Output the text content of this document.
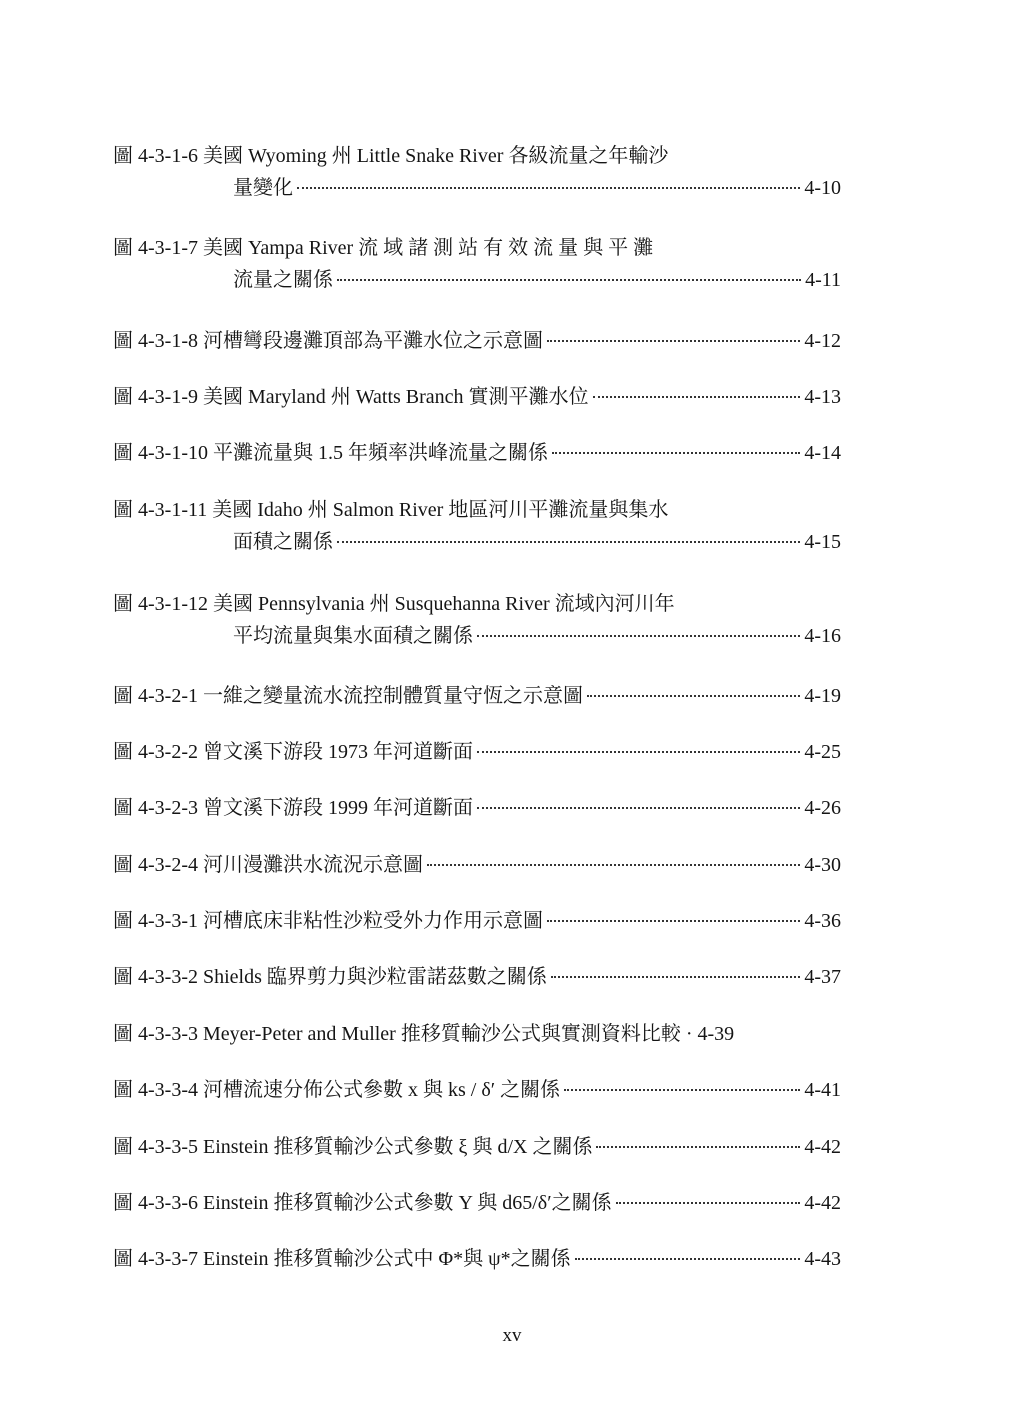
圖 4-3-1-6 美國 Wyoming 州 Little Snake River 各級流量之年輸沙
量變化	4-10
圖 4-3-1-7 美國 Yampa River 流 域 諸 測 站 有 效 流 量 與 平 灘
流量之關係	4-11
圖 4-3-1-8 河槽彎段邊灘頂部為平灘水位之示意圖	4-12
圖 4-3-1-9 美國 Maryland 州 Watts Branch 實測平灘水位	4-13
圖 4-3-1-10 平灘流量與 1.5 年頻率洪峰流量之關係	4-14
圖 4-3-1-11 美國 Idaho 州 Salmon River 地區河川平灘流量與集水
面積之關係	4-15
圖 4-3-1-12 美國 Pennsylvania 州 Susquehanna River 流域內河川年
平均流量與集水面積之關係	4-16
圖 4-3-2-1 一維之變量流水流控制體質量守恆之示意圖	4-19
圖 4-3-2-2 曾文溪下游段 1973 年河道斷面	4-25
圖 4-3-2-3 曾文溪下游段 1999 年河道斷面	4-26
圖 4-3-2-4 河川漫灘洪水流況示意圖	4-30
圖 4-3-3-1 河槽底床非粘性沙粒受外力作用示意圖	4-36
圖 4-3-3-2 Shields 臨界剪力與沙粒雷諾茲數之關係	4-37
圖 4-3-3-3 Meyer-Peter and Muller 推移質輸沙公式與實測資料比較 · 4-39
圖 4-3-3-4 河槽流速分佈公式參數 x 與 ks / δ′ 之關係	4-41
圖 4-3-3-5 Einstein 推移質輸沙公式參數 ξ 與 d/X 之關係	4-42
圖 4-3-3-6 Einstein 推移質輸沙公式參數 Y 與 d65/δ′之關係	4-42
圖 4-3-3-7 Einstein 推移質輸沙公式中 Φ*與 ψ*之關係	4-43
xv
